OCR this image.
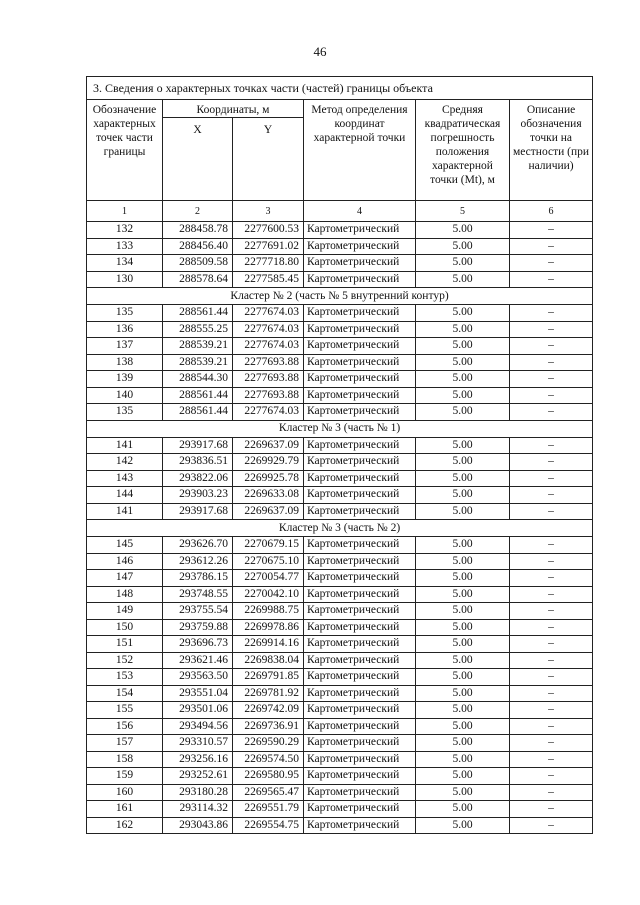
46
3. Сведения о характерных точках части (частей) границы объекта					
Обозначение характерных точек части границы	Координаты, м		Метод определения координат характерной точки	Средняя квадратическая погрешность положения характерной точки (Mt), м	Описание обозначения точки на местности (при наличии)
	X	Y			
1	2	3	4	5	6
132	288458.78	2277600.53	Картометрический	5.00	–
133	288456.40	2277691.02	Картометрический	5.00	–
134	288509.58	2277718.80	Картометрический	5.00	–
130	288578.64	2277585.45	Картометрический	5.00	–
Кластер № 2 (часть № 5 внутренний контур)					
135	288561.44	2277674.03	Картометрический	5.00	–
136	288555.25	2277674.03	Картометрический	5.00	–
137	288539.21	2277674.03	Картометрический	5.00	–
138	288539.21	2277693.88	Картометрический	5.00	–
139	288544.30	2277693.88	Картометрический	5.00	–
140	288561.44	2277693.88	Картометрический	5.00	–
135	288561.44	2277674.03	Картометрический	5.00	–
Кластер № 3 (часть № 1)					
141	293917.68	2269637.09	Картометрический	5.00	–
142	293836.51	2269929.79	Картометрический	5.00	–
143	293822.06	2269925.78	Картометрический	5.00	–
144	293903.23	2269633.08	Картометрический	5.00	–
141	293917.68	2269637.09	Картометрический	5.00	–
Кластер № 3 (часть № 2)					
145	293626.70	2270679.15	Картометрический	5.00	–
146	293612.26	2270675.10	Картометрический	5.00	–
147	293786.15	2270054.77	Картометрический	5.00	–
148	293748.55	2270042.10	Картометрический	5.00	–
149	293755.54	2269988.75	Картометрический	5.00	–
150	293759.88	2269978.86	Картометрический	5.00	–
151	293696.73	2269914.16	Картометрический	5.00	–
152	293621.46	2269838.04	Картометрический	5.00	–
153	293563.50	2269791.85	Картометрический	5.00	–
154	293551.04	2269781.92	Картометрический	5.00	–
155	293501.06	2269742.09	Картометрический	5.00	–
156	293494.56	2269736.91	Картометрический	5.00	–
157	293310.57	2269590.29	Картометрический	5.00	–
158	293256.16	2269574.50	Картометрический	5.00	–
159	293252.61	2269580.95	Картометрический	5.00	–
160	293180.28	2269565.47	Картометрический	5.00	–
161	293114.32	2269551.79	Картометрический	5.00	–
162	293043.86	2269554.75	Картометрический	5.00	–
